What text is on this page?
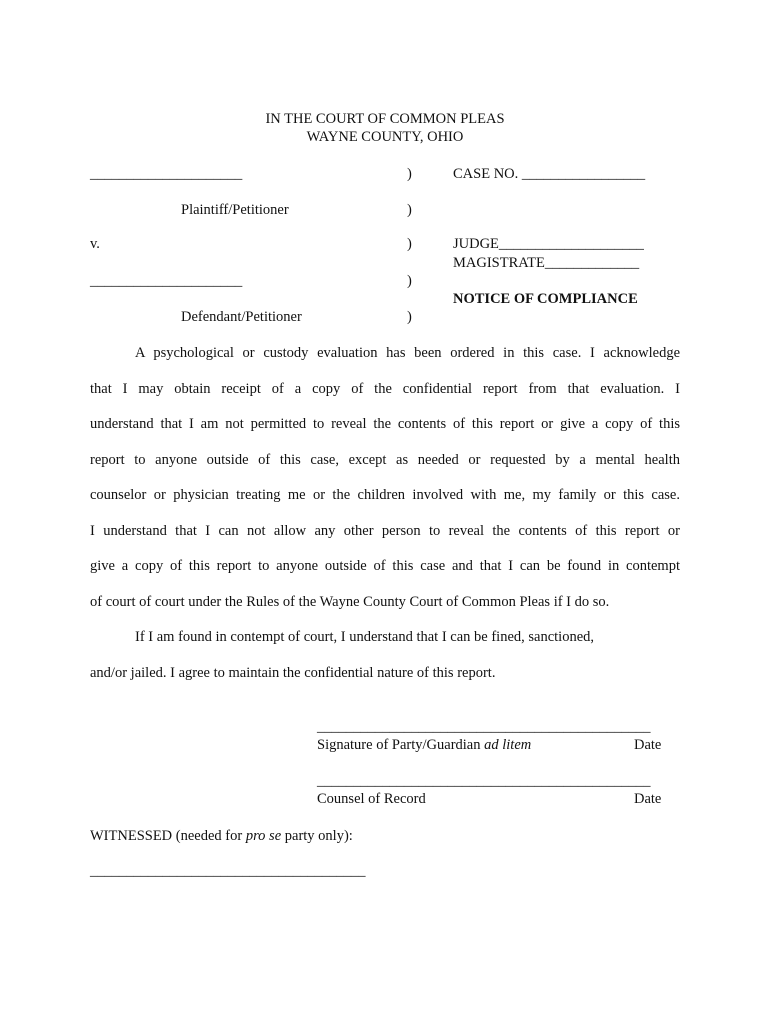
IN THE COURT OF COMMON PLEAS
WAYNE COUNTY, OHIO
_____________________
Plaintiff/Petitioner
v.
_____________________
Defendant/Petitioner
)
)
)
)
)
CASE NO. _________________
JUDGE____________________
MAGISTRATE_____________
NOTICE OF COMPLIANCE
A psychological or custody evaluation has been ordered in this case. I acknowledge
that I may obtain receipt of a copy of the confidential report from that evaluation. I
understand that I am not permitted to reveal the contents of this report or give a copy of this
report to anyone outside of this case, except as needed or requested by a mental health
counselor or physician treating me or the children involved with me, my family or this case.
I understand that I can not allow any other person to reveal the contents of this report or
give a copy of this report to anyone outside of this case and that I can be found in contempt
of court of court under the Rules of the Wayne County Court of Common Pleas if I do so.
If I am found in contempt of court, I understand that I can be fined, sanctioned,
and/or jailed. I agree to maintain the confidential nature of this report.
______________________________________________
Signature of Party/Guardian ad litem	Date
______________________________________________
Counsel of Record	Date
WITNESSED (needed for pro se party only):
______________________________________
